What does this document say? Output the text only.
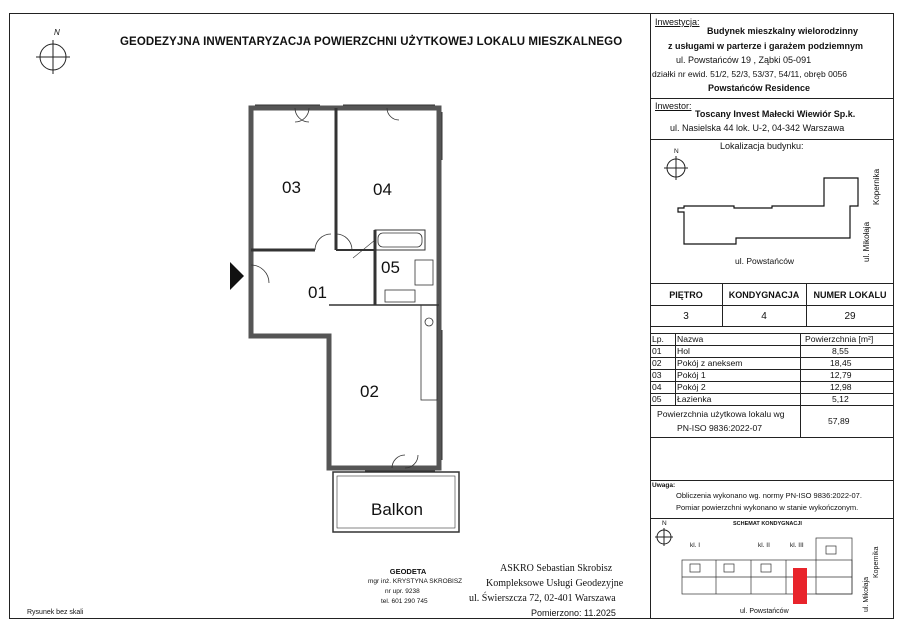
GEODEZYJNA INWENTARYZACJA POWIERZCHNI UŻYTKOWEJ LOKALU MIESZKALNEGO
N
03	04
05
01
02
Balkon
Inwestycja:
Budynek mieszkalny wielorodzinny
z usługami w parterze i garażem podziemnym
ul. Powstańców 19 , Ząbki 05-091
działki nr ewid. 51/2, 52/3, 53/37, 54/11, obręb 0056
Powstańców Residence
Inwestor:
Toscany Invest Małecki Wiewiór Sp.k.
ul. Nasielska 44 lok. U-2, 04-342 Warszawa
Lokalizacja budynku:
N
ul. Powstańców	ul. Mikołaja
Kopernika
PIĘTRO	KONDYGNACJA	NUMER LOKALU
3	4	29
Lp. Nazwa	Powierzchnia [m²]
01 Hol	8,55
02 Pokój z aneksem	18,45
03 Pokój 1	12,79
04 Pokój 2	12,98
05 Łazienka	5,12
Powierzchnia użytkowa lokalu wg
PN-ISO 9836:2022-07
57,89
Uwaga:
Obliczenia wykonano wg. normy PN-ISO 9836:2022-07.
Pomiar powierzchni wykonano w stanie wykończonym.
SCHEMAT KONDYGNACJI
N
kl. I	kl. II	kl. III
ul. Powstańców	ul. Mikołaja
Kopernika
GEODETA
mgr inż. KRYSTYNA SKROBISZ
nr upr. 9238
tel. 601 290 745
ASKRO Sebastian Skrobisz
Kompleksowe Usługi Geodezyjne
ul. Świerszcza 72, 02-401 Warszawa
Pomierzono: 11.2025
Rysunek bez skali
